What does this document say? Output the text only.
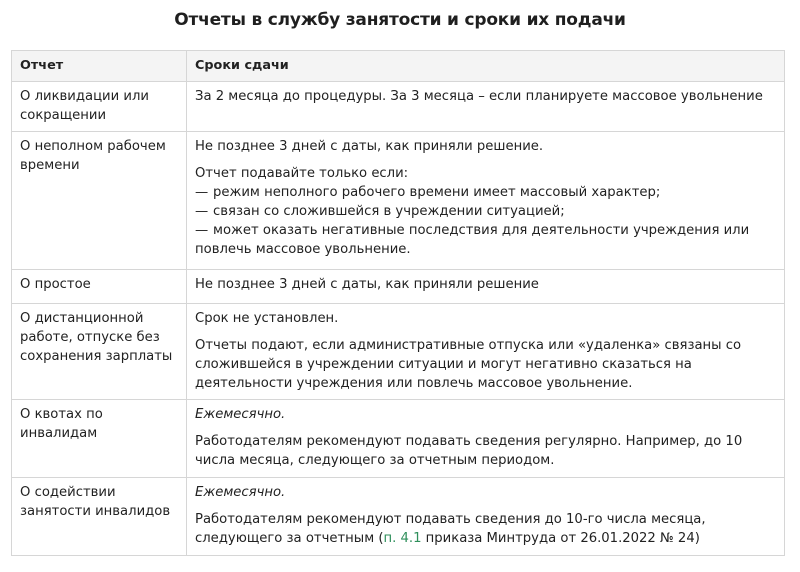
Отчеты в службу занятости и сроки их подачи
Отчет	Сроки сдачи
О ликвидации или сокращении	За 2 месяца до процедуры. За 3 месяца – если планируете массовое увольнение

О неполном рабочем времени	Не позднее 3 дней с даты, как приняли решение.

Отчет подавайте только если:

— режим неполного рабочего времени имеет массовый характер;

— связан со сложившейся в учреждении ситуацией;

— может оказать негативные последствия для деятельности учреждения или повлечь массовое увольнение.

О простое	Не позднее 3 дней с даты, как приняли решение

О дистанционной работе, отпуске без сохранения зарплаты	Срок не установлен.

Отчеты подают, если административные отпуска или «удаленка» связаны со сложившейся в учреждении ситуации и могут негативно сказаться на деятельности учреждения или повлечь массовое увольнение.

О квотах по инвалидам	Ежемесячно.

Работодателям рекомендуют подавать сведения регулярно. Например, до 10 числа месяца, следующего за отчетным периодом.

О содействии занятости инвалидов	Ежемесячно.

Работодателям рекомендуют подавать сведения до 10-го числа месяца, следующего за отчетным (п. 4.1 приказа Минтруда от 26.01.2022 № 24)
